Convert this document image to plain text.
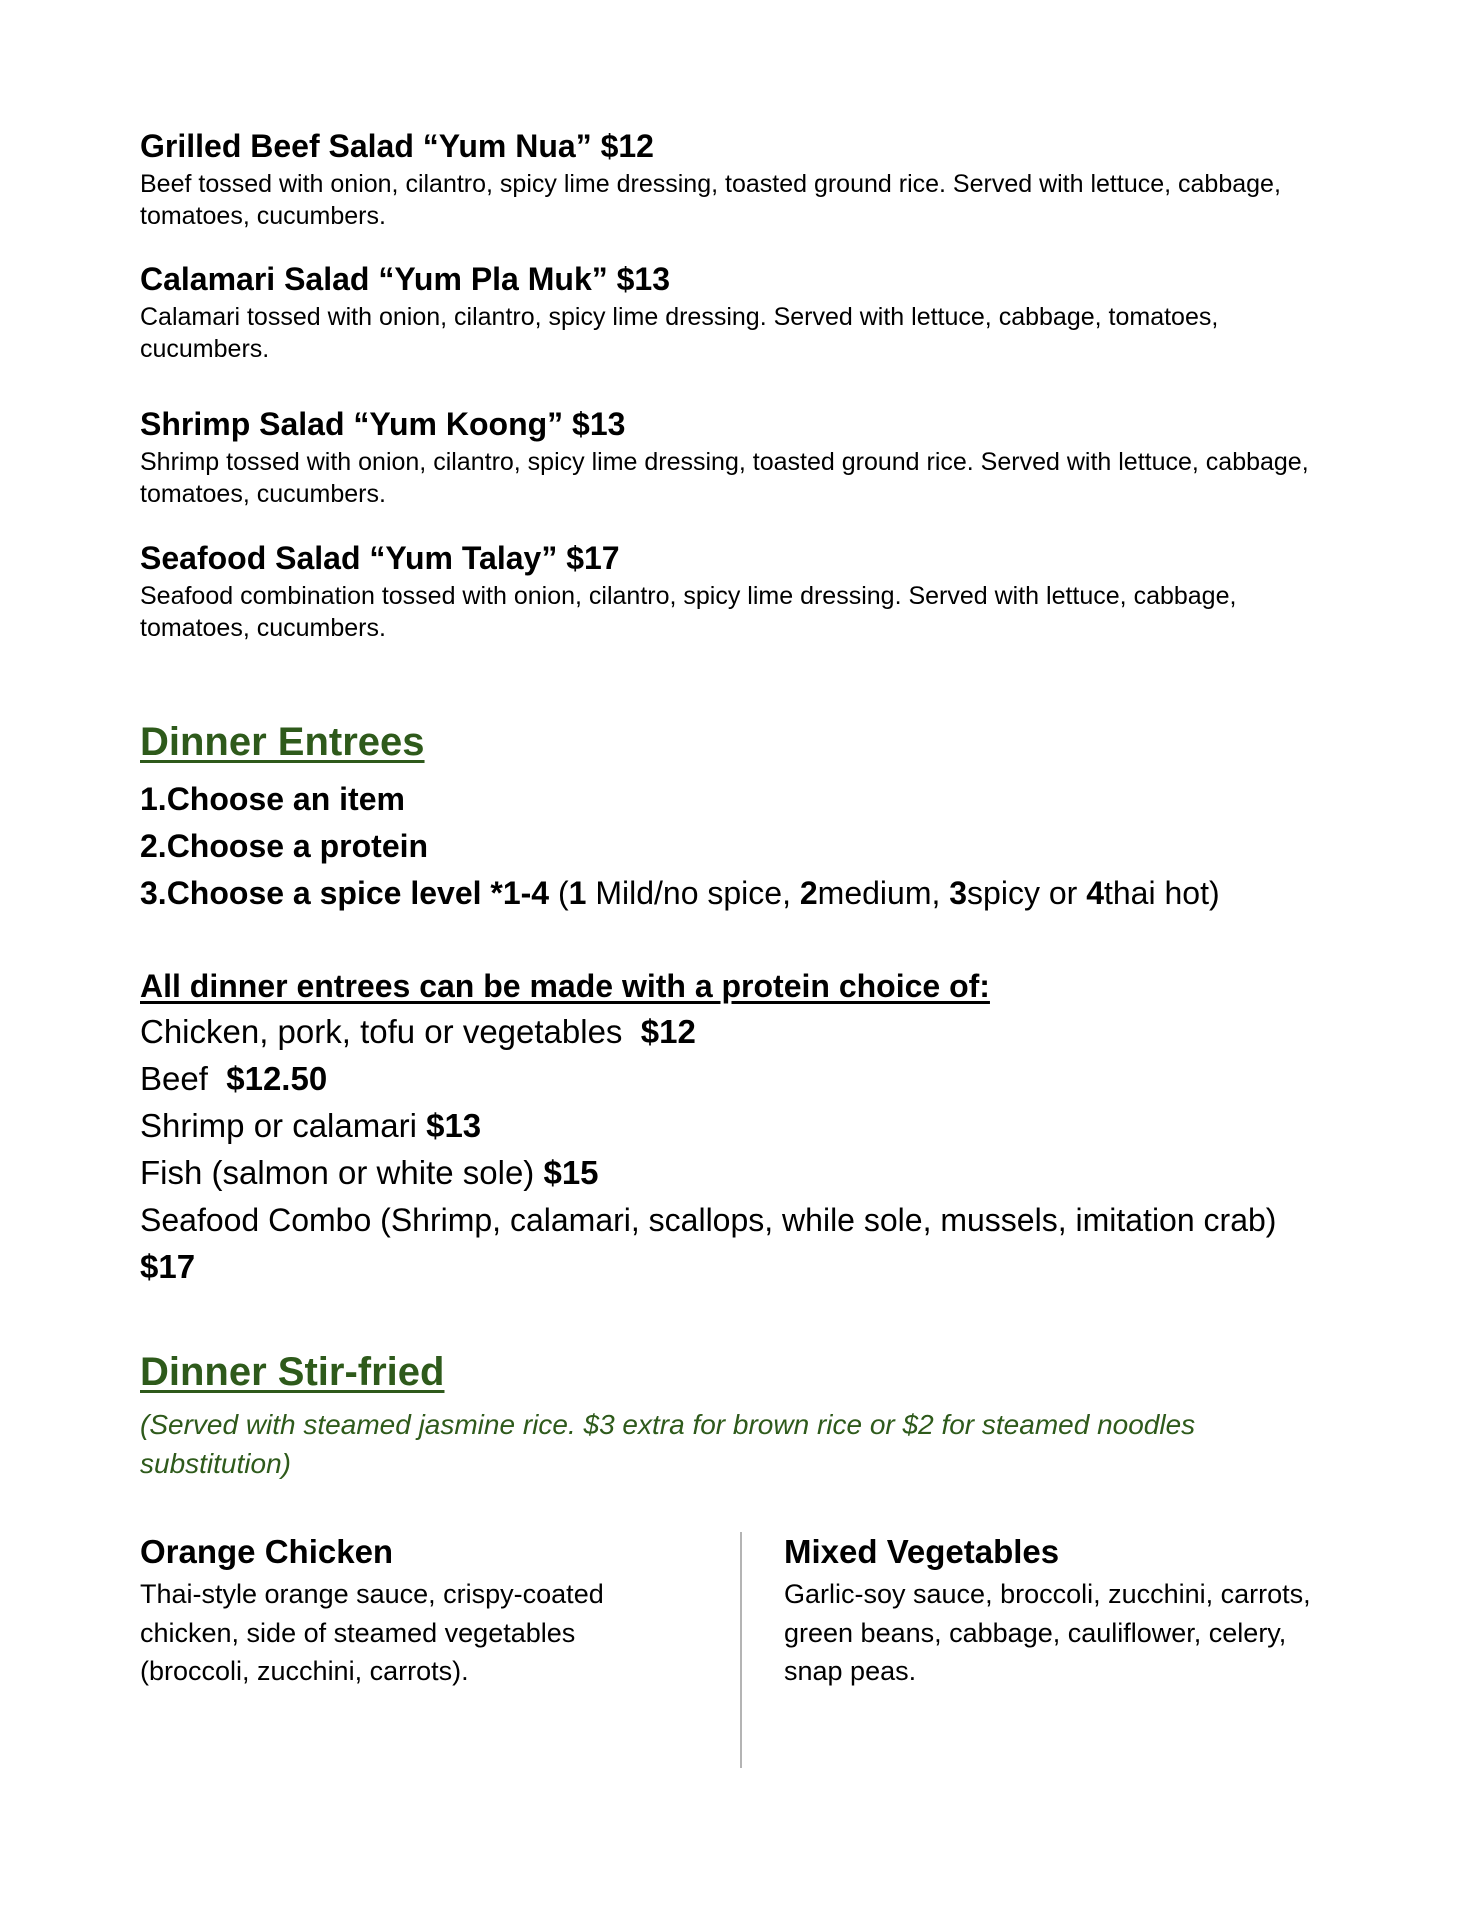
Grilled Beef Salad “Yum Nua” $12
Beef tossed with onion, cilantro, spicy lime dressing, toasted ground rice. Served with lettuce, cabbage, tomatoes, cucumbers.
Calamari Salad “Yum Pla Muk” $13
Calamari tossed with onion, cilantro, spicy lime dressing. Served with lettuce, cabbage, tomatoes, cucumbers.
Shrimp Salad “Yum Koong” $13
Shrimp tossed with onion, cilantro, spicy lime dressing, toasted ground rice. Served with lettuce, cabbage, tomatoes, cucumbers.
Seafood Salad “Yum Talay” $17
Seafood combination tossed with onion, cilantro, spicy lime dressing. Served with lettuce, cabbage, tomatoes, cucumbers.
Dinner Entrees
1.Choose an item
2.Choose a protein
3.Choose a spice level *1-4 (1 Mild/no spice, 2medium, 3spicy or 4thai hot)
All dinner entrees can be made with a protein choice of:
Chicken, pork, tofu or vegetables  $12
Beef  $12.50
Shrimp or calamari $13
Fish (salmon or white sole) $15
Seafood Combo (Shrimp, calamari, scallops, while sole, mussels, imitation crab)
$17
Dinner Stir-fried
(Served with steamed jasmine rice. $3 extra for brown rice or $2 for steamed noodles substitution)
Orange Chicken
Thai-style orange sauce, crispy-coated chicken, side of steamed vegetables (broccoli, zucchini, carrots).
Mixed Vegetables
Garlic-soy sauce, broccoli, zucchini, carrots, green beans, cabbage, cauliflower, celery, snap peas.
